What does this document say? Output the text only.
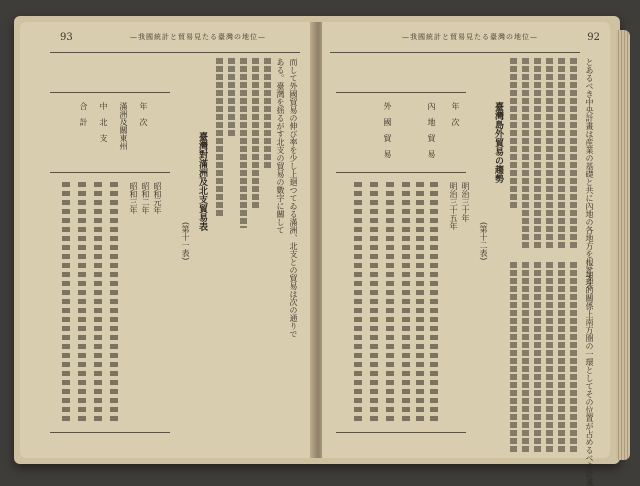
93	—我國統計と貿易見たる臺灣の地位—
而して外國貿易の伸び率を少し上廻つてゐる滿洲、北支との貿易は次の通りで
ある。臺灣を揺るがす北支の貿易の數字に關して
臺灣對滿洲及北支貿易表
(第十一表)
年　次
滿洲及關東州
中　北　支
合　計
昭和元年
昭和二年
昭和三年
92
—我國統計と貿易見たる臺灣の地位—
とあるべき中央計畫は産業の基礎と共に內地の各地方を根とする
は地理的關係上南方圏の一環としてその位置が占めるべき計畫
臺灣島外貿易の趨勢
(第十二表)
年　次
內　地　貿　易
外　國　貿　易
明治三十年
明治三十五年
